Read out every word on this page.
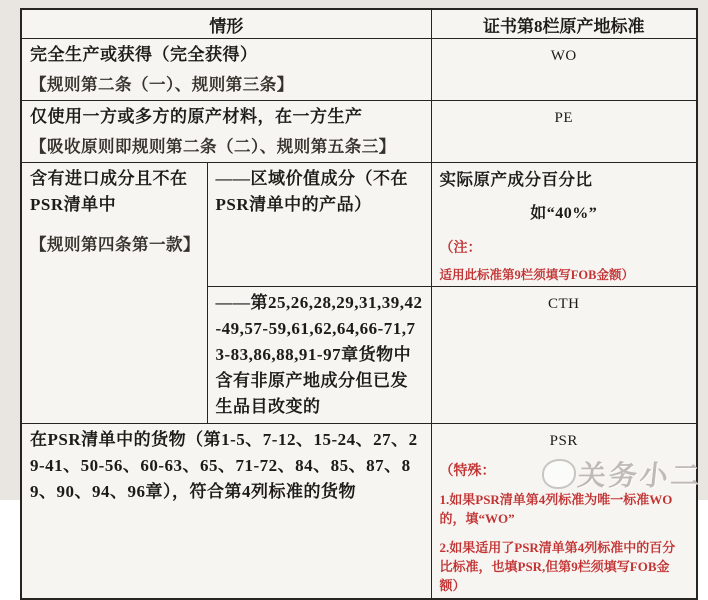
情形		证书第8栏原产地标准

完全生产或获得（完全获得）
【规则第二条（一）、规则第三条】		WO

仅使用一方或多方的原产材料，在一方生产
【吸收原则即规则第二条（二）、规则第五条三】		PE

含有进口成分且不在PSR清单中
【规则第四条第一款】	——区域价值成分（不在PSR清单中的产品）	实际原产成分百分比
如“40%”
（注：
适用此标准第9栏须填写FOB金额）

	——第25,26,28,29,31,39,42-49,57-59,61,62,64,66-71,73-83,86,88,91-97章货物中含有非原产地成分但已发生品目改变的	CTH

在PSR清单中的货物（第1-5、7-12、15-24、27、29-41、50-56、60-63、65、71-72、84、85、87、89、90、94、96章），符合第4列标准的货物		PSR
（特殊：
1.如果PSR清单第4列标准为唯一标准WO的，填“WO”
2.如果适用了PSR清单第4列标准中的百分比标准，也填PSR,但第9栏须填写FOB金额）
关务小二
